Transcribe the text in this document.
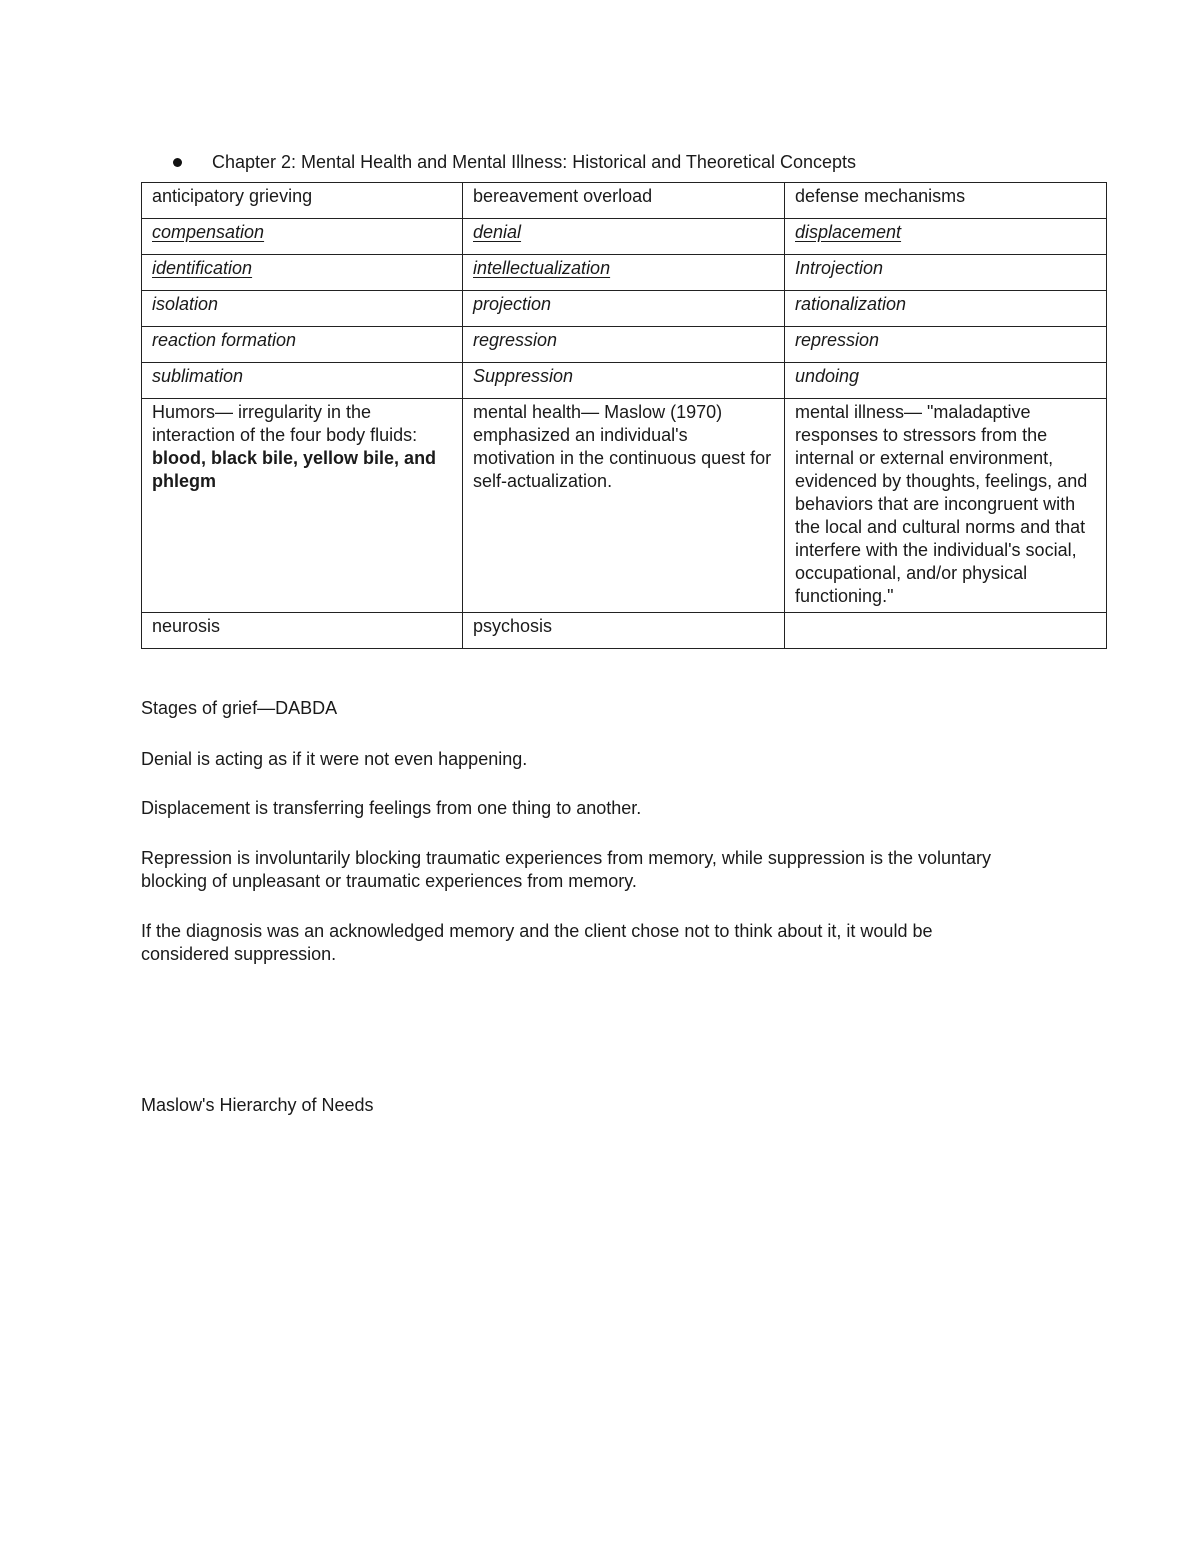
Chapter 2: Mental Health and Mental Illness: Historical and Theoretical Concepts
anticipatory grieving	bereavement overload	defense mechanisms
compensation	denial	displacement
identification	intellectualization	Introjection
isolation	projection	rationalization
reaction formation	regression	repression
sublimation	Suppression	undoing
Humors— irregularity in the interaction of the four body fluids: blood, black bile, yellow bile, and phlegm	mental health— Maslow (1970) emphasized an individual's motivation in the continuous quest for self-actualization.	mental illness— "maladaptive responses to stressors from the internal or external environment, evidenced by thoughts, feelings, and behaviors that are incongruent with the local and cultural norms and that interfere with the individual's social, occupational, and/or physical functioning."
neurosis	psychosis	

Stages of grief—DABDA

Denial is acting as if it were not even happening.

Displacement is transferring feelings from one thing to another.

Repression is involuntarily blocking traumatic experiences from memory, while suppression is the voluntary blocking of unpleasant or traumatic experiences from memory.

If the diagnosis was an acknowledged memory and the client chose not to think about it, it would be considered suppression.

Maslow's Hierarchy of Needs
